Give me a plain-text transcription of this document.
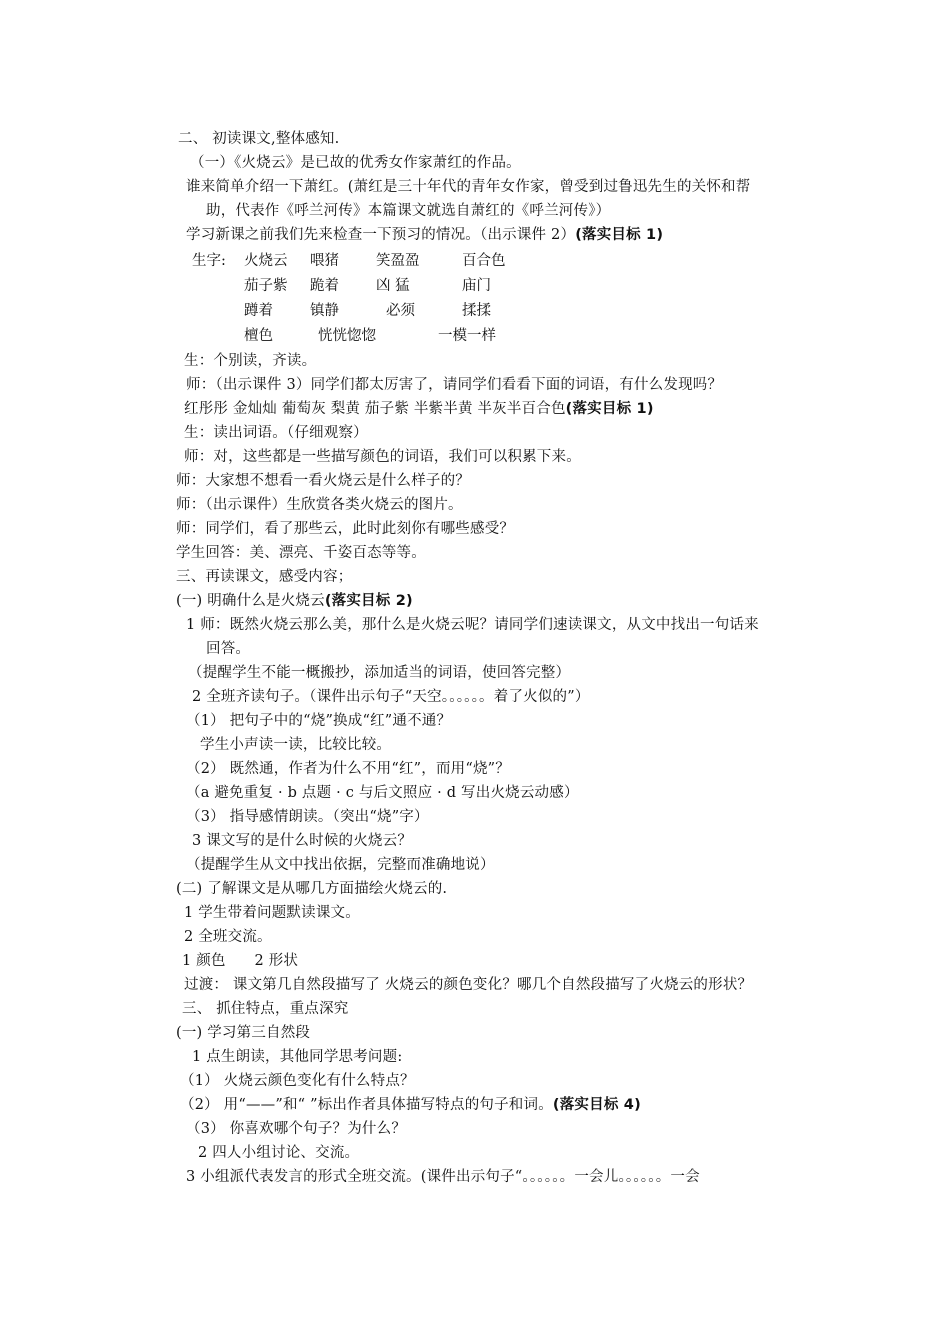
二、 初读课文,整体感知.
（一）《火烧云》是已故的优秀女作家萧红的作品。
谁来简单介绍一下萧红。(萧红是三十年代的青年女作家，曾受到过鲁迅先生的关怀和帮
助，代表作《呼兰河传》本篇课文就选自萧红的《呼兰河传》）
学习新课之前我们先来检查一下预习的情况。（出示课件 2）(落实目标 1)
生字: 火烧云 喂猪	笑盈盈	百合色
茄子紫 跪着	凶 猛	庙门
蹲着	镇静	必须	揉揉
檀色	恍恍惚惚	一模一样
生：个别读，齐读。
师：（出示课件 3）同学们都太厉害了，请同学们看看下面的词语，有什么发现吗？
红彤彤 金灿灿 葡萄灰 梨黄 茄子紫 半紫半黄 半灰半百合色(落实目标 1)
生：读出词语。（仔细观察）
师：对，这些都是一些描写颜色的词语，我们可以积累下来。
师：大家想不想看一看火烧云是什么样子的？
师：（出示课件）生欣赏各类火烧云的图片。
师：同学们，看了那些云，此时此刻你有哪些感受？
学生回答：美、漂亮、千姿百态等等。
三、再读课文，感受内容；
(一) 明确什么是火烧云(落实目标 2)
1 师：既然火烧云那么美，那什么是火烧云呢？请同学们速读课文，从文中找出一句话来
回答。
（提醒学生不能一概搬抄，添加适当的词语，使回答完整）
2 全班齐读句子。（课件出示句子“天空。。。。。。着了火似的”）
（1） 把句子中的“烧”换成“红”通不通？
学生小声读一读，比较比较。
（2） 既然通，作者为什么不用“红”，而用“烧”？
（a 避免重复 · b 点题 · c 与后文照应 · d 写出火烧云动感）
（3） 指导感情朗读。（突出“烧”字）
3 课文写的是什么时候的火烧云？
（提醒学生从文中找出依据，完整而准确地说）
(二) 了解课文是从哪几方面描绘火烧云的.
1 学生带着问题默读课文。
2 全班交流。
1 颜色      2 形状
过渡： 课文第几自然段描写了 火烧云的颜色变化？哪几个自然段描写了火烧云的形状？
三、 抓住特点，重点深究
(一) 学习第三自然段
1 点生朗读，其他同学思考问题:
（1） 火烧云颜色变化有什么特点？
（2） 用“——”和“ ”标出作者具体描写特点的句子和词。(落实目标 4)
（3） 你喜欢哪个句子？为什么？
2 四人小组讨论、交流。
3 小组派代表发言的形式全班交流。(课件出示句子“。。。。。。一会儿。。。。。。一会
